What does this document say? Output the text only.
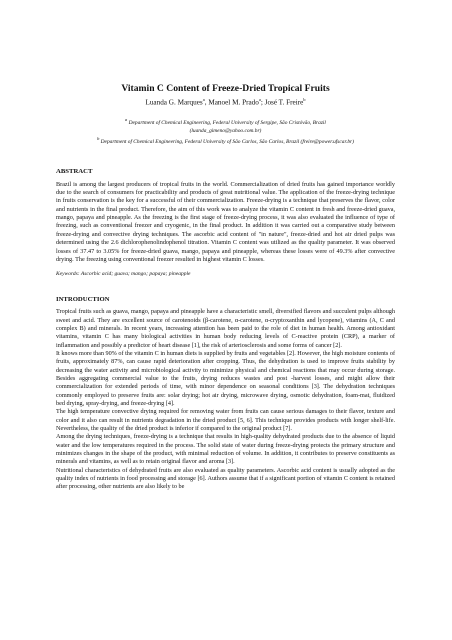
Vitamin C Content of Freeze-Dried Tropical Fruits

Luanda G. Marques$^a$, Manoel M. Prado$^a$; José T. Freire$^b$

$^a$ Department of Chemical Engineering, Federal University of Sergipe, São Cristóvão, Brazil

(luanda_gimeno@yahoo.com.br)

$^b$ Department of Chemical Engineering, Federal University of São Carlos, São Carlos, Brazil (freire@power.ufscar.br)

ABSTRACT

Brazil is among the largest producers of tropical fruits in the world. Commercialization of dried fruits has gained importance worldly due to the search of consumers for practicability and products of great nutritional value. The application of the freeze-drying technique in fruits conservation is the key for a successful of their commercialization. Freeze-drying is a technique that preserves the flavor, color and nutrients in the final product. Therefore, the aim of this work was to analyze the vitamin C content in fresh and freeze-dried guava, mango, papaya and pineapple. As the freezing is the first stage of freeze-drying process, it was also evaluated the influence of type of freezing, such as conventional freezer and cryogenic, in the final product. In addition it was carried out a comparative study between freeze-drying and convective drying techniques. The ascorbic acid content of "in nature", freeze-dried and hot air dried pulps was determined using the 2.6 dichlorophenolindophenol titration. Vitamin C content was utilized as the quality parameter. It was observed losses of 37.47 to 3.05% for freeze-dried guava, mango, papaya and pineapple, whereas these losses were of 49.3% after convective drying. The freezing using conventional freezer resulted in highest vitamin C losses.

Keywords: Ascorbic acid; guava; mango; papaya; pineapple

INTRODUCTION

Tropical fruits such as guava, mango, papaya and pineapple have a characteristic smell, diversified flavors and succulent pulps although sweet and acid. They are excellent source of carotenoids (β-carotene, α-carotene, α-cryptoxanthin and lycopene), vitamins (A, C and complex B) and minerals. In recent years, increasing attention has been paid to the role of diet in human health. Among antioxidant vitamins, vitamin C has many biological activities in human body reducing levels of C-reactive protein (CRP), a marker of inflammation and possibly a predictor of heart disease [1], the risk of arteriosclerosis and some forms of cancer [2].

It knows more than 90% of the vitamin C in human diets is supplied by fruits and vegetables [2]. However, the high moisture contents of fruits, approximately 87%, can cause rapid deterioration after cropping. Thus, the dehydration is used to improve fruits stability by decreasing the water activity and microbiological activity to minimize physical and chemical reactions that may occur during storage. Besides aggregating commercial value to the fruits, drying reduces wastes and post -harvest losses, and might allow their commercialization for extended periods of time, with minor dependence on seasonal conditions [3]. The dehydration techniques commonly employed to preserve fruits are: solar drying; hot air drying, microwave drying, osmotic dehydration, foam-mat, fluidized bed drying, spray-drying, and freeze-drying [4].

The high temperature convective drying required for removing water from fruits can cause serious damages to their flavor, texture and color and it also can result in nutrients degradation in the dried product [5, 6]. This technique provides products with longer shelf-life. Nevertheless, the quality of the dried product is inferior if compared to the original product [7].

Among the drying techniques, freeze-drying is a technique that results in high-quality dehydrated products due to the absence of liquid water and the low temperatures required in the process. The solid state of water during freeze-drying protects the primary structure and minimizes changes in the shape of the product, with minimal reduction of volume. In addition, it contributes to preserve constituents as minerals and vitamins, as well as to retain original flavor and aroma [3].

Nutritional characteristics of dehydrated fruits are also evaluated as quality parameters. Ascorbic acid content is usually adopted as the quality index of nutrients in food processing and storage [6]. Authors assume that if a significant portion of vitamin C content is retained after processing, other nutrients are also likely to be
